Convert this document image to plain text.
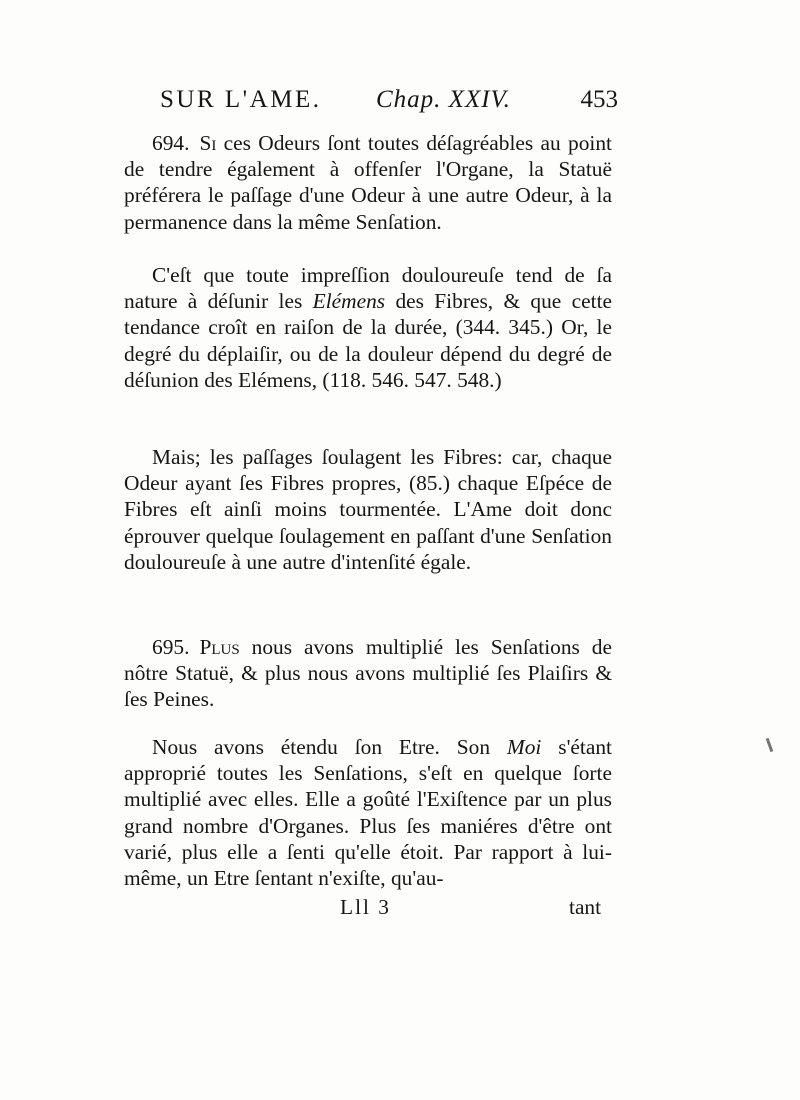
SUR L'AME. Chap. XXIV.	453

694. Si ces Odeurs ſont toutes déſagréables au point de tendre également à offenſer l'Organe, la Statuë préférera le paſſage d'une Odeur à une autre Odeur, à la permanence dans la même Senſation.

C'eſt que toute impreſſion douloureuſe tend de ſa nature à déſunir les Elémens des Fibres, & que cette tendance croît en raiſon de la durée, (344. 345.) Or, le degré du déplaiſir, ou de la douleur dépend du degré de déſunion des Elémens, (118. 546. 547. 548.)

Mais; les paſſages ſoulagent les Fibres: car, chaque Odeur ayant ſes Fibres propres, (85.) chaque Eſpéce de Fibres eſt ainſi moins tourmentée. L'Ame doit donc éprouver quelque ſoulagement en paſſant d'une Senſation douloureuſe à une autre d'intenſité égale.

695. Plus nous avons multiplié les Senſations de nôtre Statuë, & plus nous avons multiplié ſes Plaiſirs & ſes Peines.

Nous avons étendu ſon Etre. Son Moi s'étant approprié toutes les Senſations, s'eſt en quelque ſorte multiplié avec elles. Elle a goûté l'Exiſtence par un plus grand nombre d'Organes. Plus ſes maniéres d'être ont varié, plus elle a ſenti qu'elle étoit. Par rapport à lui-même, un Etre ſentant n'exiſte, qu'au-

Lll 3	tant
